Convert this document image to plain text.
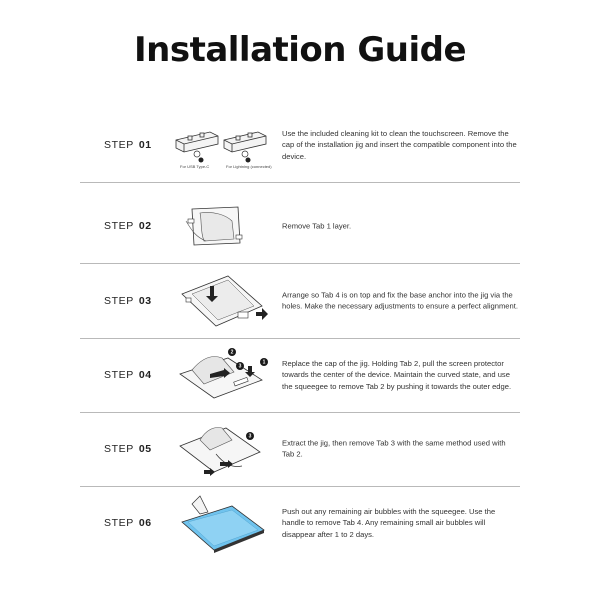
Installation Guide
STEP 01
For USB Type-C	For Lightning (connected)
Use the included cleaning kit to clean the touchscreen. Remove the cap of the installation jig and insert the compatible component into the device.
STEP 02	Remove Tab 1 layer.
STEP 03	Arrange so Tab 4 is on top and fix the base anchor into the jig via the holes. Make the necessary adjustments to ensure a perfect alignment.
STEP 04
2
3
1 Replace the cap of the jig. Holding Tab 2, pull the screen protector towards the center of the device. Maintain the curved state, and use the squeegee to remove Tab 2 by pushing it towards the outer edge.
STEP 05
3
Extract the jig, then remove Tab 3 with the same method used with Tab 2.
STEP 06
Push out any remaining air bubbles with the squeegee. Use the handle to remove Tab 4. Any remaining small air bubbles will disappear after 1 to 2 days.
